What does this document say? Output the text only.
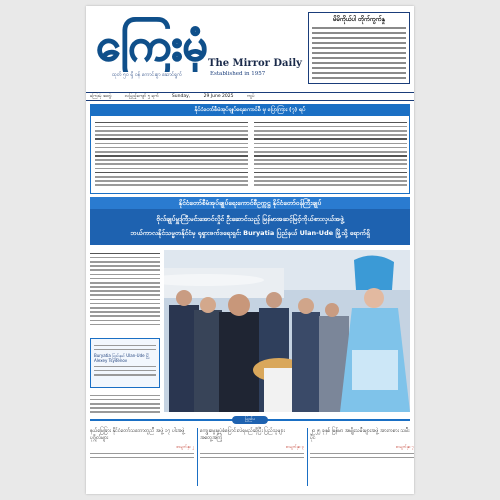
ကြေးမုံ
ထုတ် ၅၀ ရှိ ဝန် ကောင်းစွာ ဆောင်ရွက်
The Mirror Daily
Established in 1957
မိမိကိုယ်ပါ တိုက်ကွက်နှု
ကြေးမုံ အတွဲ	လပြည့်ကျော် ၅ ရက်	Sunday,	29 June 2025	ကျပ်
နိုင်ငံတော်စီမံအုပ်ချုပ်ရေးကောင်စီ မှ ပြောကြား (၇) ရပ်
နိုင်ငံတော်စီမံအုပ်ချုပ်ရေးကောင်စီဥက္ကဋ္ဌ နိုင်ငံတော်ဝန်ကြီးချုပ်
ဗိုလ်ချုပ်မှူးကြီးမင်းအောင်လှိုင် ဦးဆောင်သည့် မြန်မာအဆင့်မြင့်ကိုယ်စားလှယ်အဖွဲ့
ဘယ်ကာလနိုင်သမ္မတနိုင်ငံမှ ရုရှားဖက်ဒရေးရှင်း Buryatia ပြည်နယ် Ulan-Ude မြို့သို့ ရောက်ရှိ
Buryatia ပြည်နယ် Ulan-Ude မြို့ Alexey Tsydenov
ပြည်ပ
နယ်မြေခြား နိုင်ငံတော်သဘောတူညီ အဖွဲ့ ၁၇ ပါးအဖွဲ့ ပုဂ္ဂိုလ်များ
စာမျက်နှာ ၂
ကျွေးမွေးမှုပုံစံပြောင်းလဲရမည်ဆိုပြီး ပြည်သူများ အတွေ့အကြုံ
စာမျက်နှာ ၃
၂၀၂၅ ခုနှစ် မြန်မာ အမျိုးသမီးများအဖွဲ့ အားကစား သမီးပိုင်
စာမျက်နှာ ၇
